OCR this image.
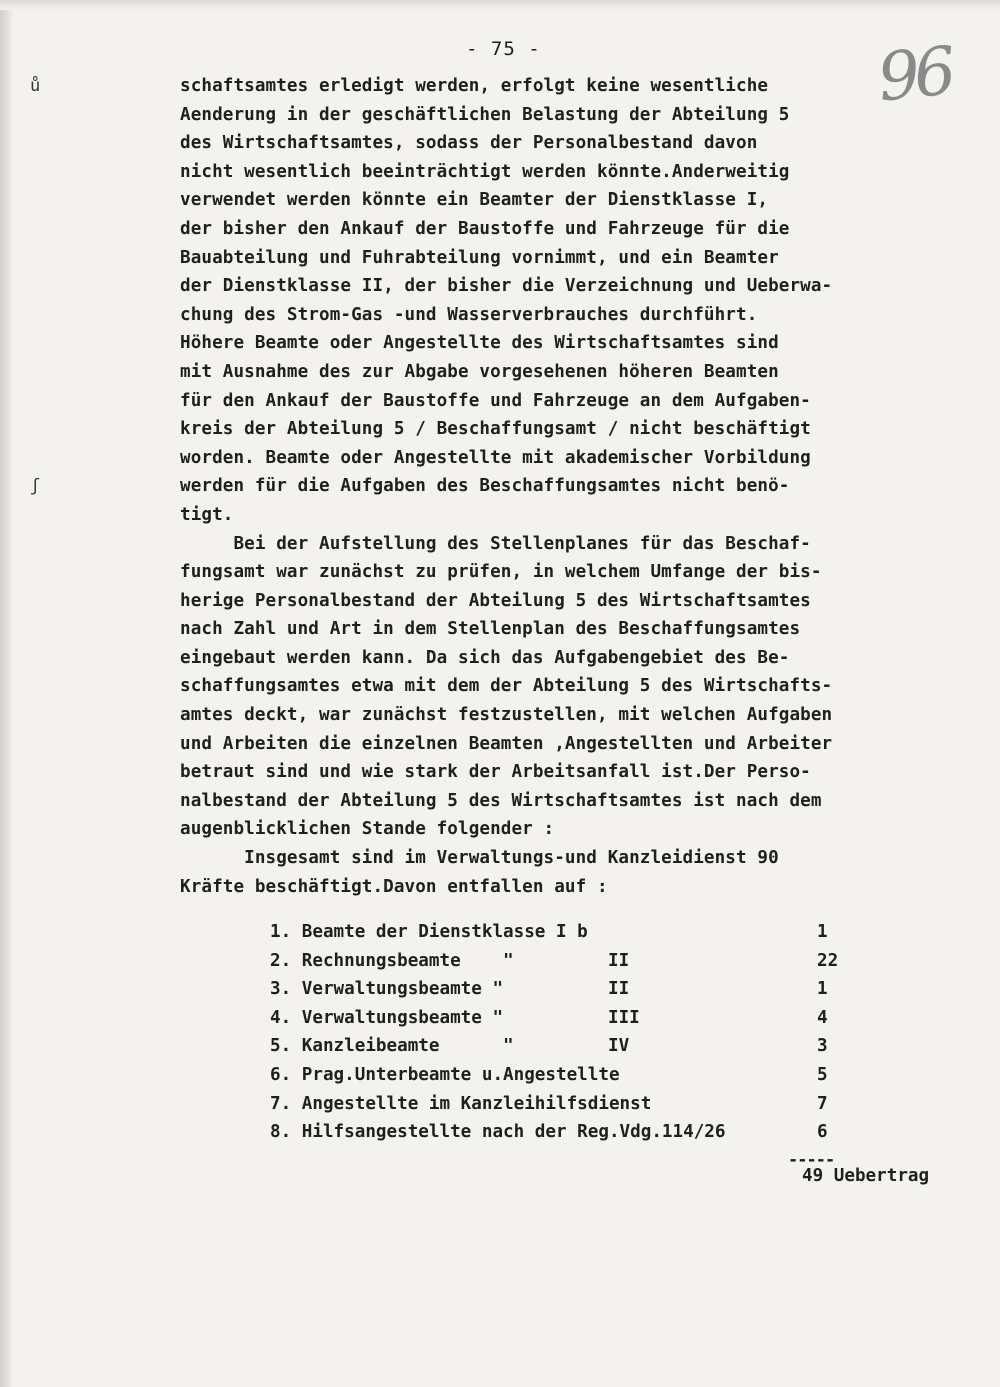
- 75 -	96
ů
ʃ
schaftsamtes erledigt werden, erfolgt keine wesentliche
Aenderung in der geschäftlichen Belastung der Abteilung 5
des Wirtschaftsamtes, sodass der Personalbestand davon
nicht wesentlich beeinträchtigt werden könnte.Anderweitig
verwendet werden könnte ein Beamter der Dienstklasse I,
der bisher den Ankauf der Baustoffe und Fahrzeuge für die
Bauabteilung und Fuhrabteilung vornimmt, und ein Beamter
der Dienstklasse II, der bisher die Verzeichnung und Ueberwa-
chung des Strom-Gas -und Wasserverbrauches durchführt.
Höhere Beamte oder Angestellte des Wirtschaftsamtes sind
mit Ausnahme des zur Abgabe vorgesehenen höheren Beamten
für den Ankauf der Baustoffe und Fahrzeuge an dem Aufgaben-
kreis der Abteilung 5 / Beschaffungsamt / nicht beschäftigt
worden. Beamte oder Angestellte mit akademischer Vorbildung
werden für die Aufgaben des Beschaffungsamtes nicht benö-
tigt.
Bei der Aufstellung des Stellenplanes für das Beschaf-
fungsamt war zunächst zu prüfen, in welchem Umfange der bis-
herige Personalbestand der Abteilung 5 des Wirtschaftsamtes
nach Zahl und Art in dem Stellenplan des Beschaffungsamtes
eingebaut werden kann. Da sich das Aufgabengebiet des Be-
schaffungsamtes etwa mit dem der Abteilung 5 des Wirtschafts-
amtes deckt, war zunächst festzustellen, mit welchen Aufgaben
und Arbeiten die einzelnen Beamten ,Angestellten und Arbeiter
betraut sind und wie stark der Arbeitsanfall ist.Der Perso-
nalbestand der Abteilung 5 des Wirtschaftsamtes ist nach dem
augenblicklichen Stande folgender :
Insgesamt sind im Verwaltungs-und Kanzleidienst 90
Kräfte beschäftigt.Davon entfallen auf :
1. Beamte der Dienstklasse I b	1
2. Rechnungsbeamte    "	II	22
3. Verwaltungsbeamte "	II	1
4. Verwaltungsbeamte "	III	4
5. Kanzleibeamte      "	IV	3
6. Prag.Unterbeamte u.Angestellte	5
7. Angestellte im Kanzleihilfsdienst	7
8. Hilfsangestellte nach der Reg.Vdg.114/26	6
-----
49 Uebertrag
